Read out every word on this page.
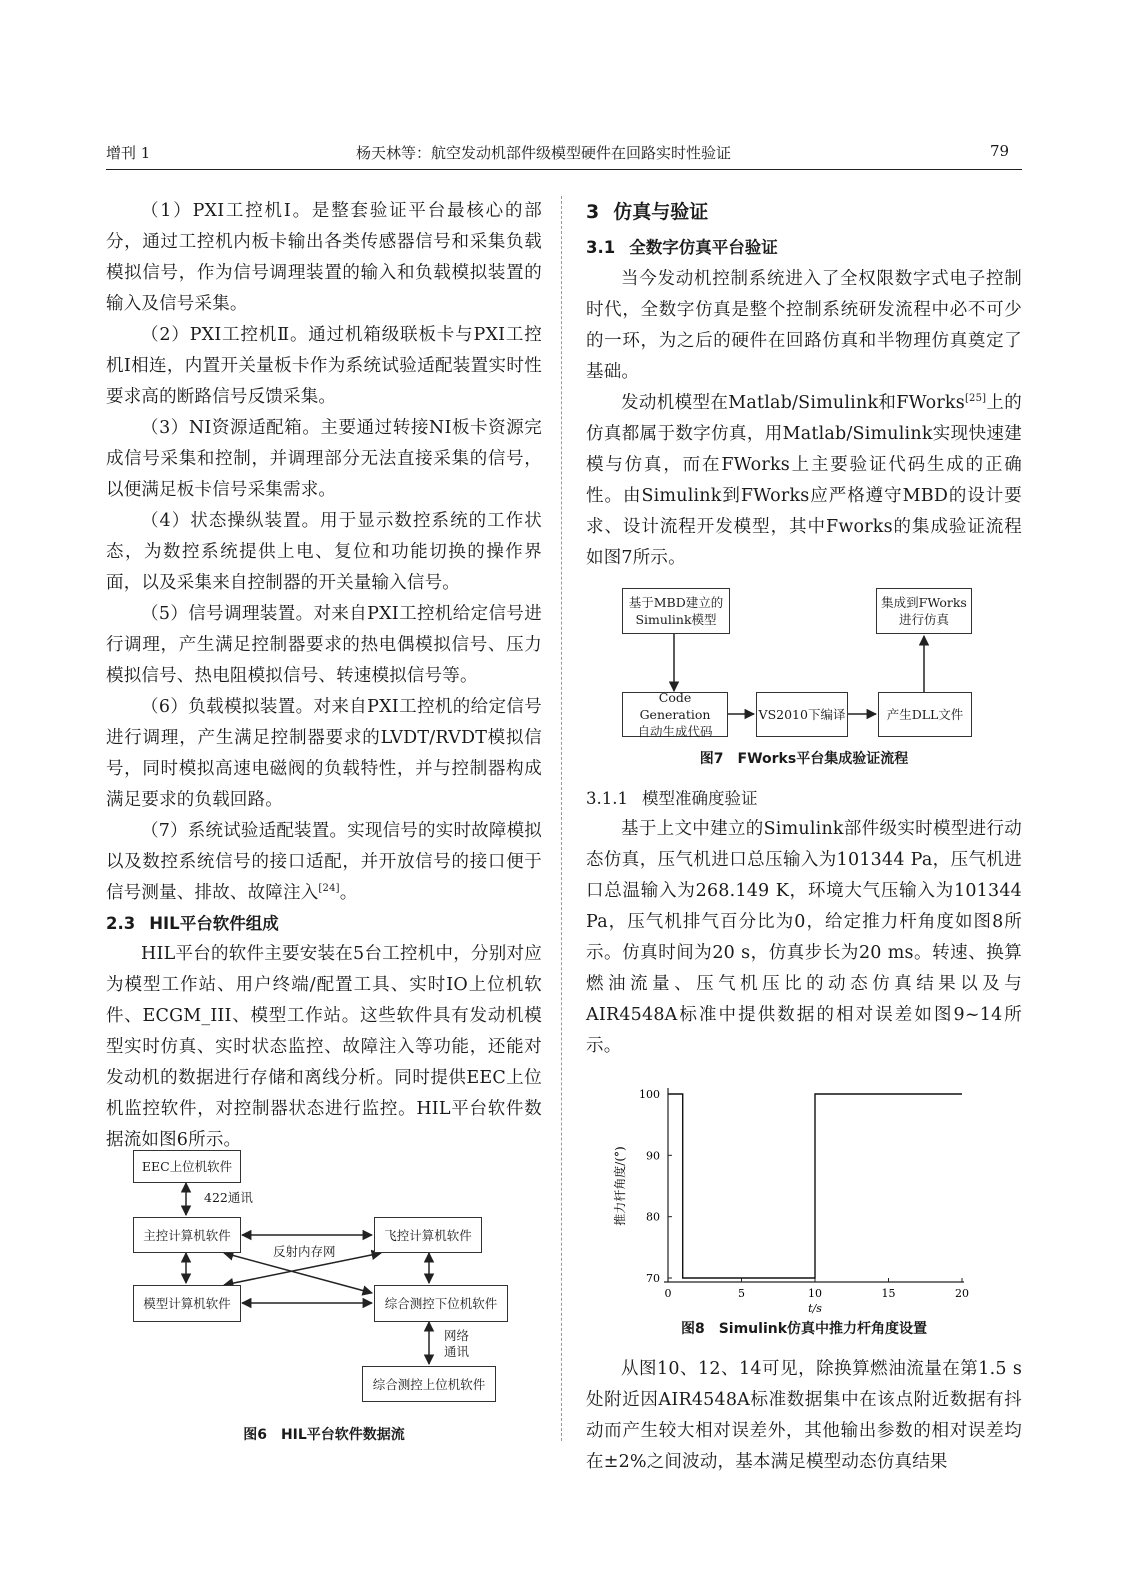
增刊 1	杨天林等：航空发动机部件级模型硬件在回路实时性验证	79

（1）PXI工控机Ⅰ。是整套验证平台最核心的部分，通过工控机内板卡输出各类传感器信号和采集负载模拟信号，作为信号调理装置的输入和负载模拟装置的输入及信号采集。

（2）PXI工控机Ⅱ。通过机箱级联板卡与PXI工控机Ⅰ相连，内置开关量板卡作为系统试验适配装置实时性要求高的断路信号反馈采集。

（3）NI资源适配箱。主要通过转接NI板卡资源完成信号采集和控制，并调理部分无法直接采集的信号，以便满足板卡信号采集需求。

（4）状态操纵装置。用于显示数控系统的工作状态，为数控系统提供上电、复位和功能切换的操作界面，以及采集来自控制器的开关量输入信号。

（5）信号调理装置。对来自PXI工控机给定信号进行调理，产生满足控制器要求的热电偶模拟信号、压力模拟信号、热电阻模拟信号、转速模拟信号等。

（6）负载模拟装置。对来自PXI工控机的给定信号进行调理，产生满足控制器要求的LVDT/RVDT模拟信号，同时模拟高速电磁阀的负载特性，并与控制器构成满足要求的负载回路。

（7）系统试验适配装置。实现信号的实时故障模拟以及数控系统信号的接口适配，并开放信号的接口便于信号测量、排故、故障注入[24]。

2.3 HIL平台软件组成

HIL平台的软件主要安装在5台工控机中，分别对应为模型工作站、用户终端/配置工具、实时IO上位机软件、ECGM_III、模型工作站。这些软件具有发动机模型实时仿真、实时状态监控、故障注入等功能，还能对发动机的数据进行存储和离线分析。同时提供EEC上位机监控软件，对控制器状态进行监控。HIL平台软件数据流如图6所示。

EEC上位机软件
422通讯
主控计算机软件	飞控计算机软件
反射内存网
模型计算机软件	综合测控下位机软件
网络
通讯
综合测控上位机软件
图6　HIL平台软件数据流

3 仿真与验证

3.1 全数字仿真平台验证

当今发动机控制系统进入了全权限数字式电子控制时代，全数字仿真是整个控制系统研发流程中必不可少的一环，为之后的硬件在回路仿真和半物理仿真奠定了基础。

发动机模型在Matlab/Simulink和FWorks[25]上的仿真都属于数字仿真，用Matlab/Simulink实现快速建模与仿真，而在FWorks上主要验证代码生成的正确性。由Simulink到FWorks应严格遵守MBD的设计要求、设计流程开发模型，其中Fworks的集成验证流程如图7所示。

基于MBD建立的
Simulink模型
集成到FWorks
进行仿真
Code Generation
自动生成代码
VS2010下编译	产生DLL文件
图7　FWorks平台集成验证流程

3.1.1 模型准确度验证

基于上文中建立的Simulink部件级实时模型进行动态仿真，压气机进口总压输入为101344 Pa，压气机进口总温输入为268.149 K，环境大气压输入为101344 Pa，压气机排气百分比为0，给定推力杆角度如图8所示。仿真时间为20 s，仿真步长为20 ms。转速、换算燃油流量、压气机压比的动态仿真结果以及与AIR4548A标准中提供数据的相对误差如图9~14所示。

t/s
推力杆角度/(°)
0	5	10	15	20
70
80
90
100
图8　Simulink仿真中推力杆角度设置

从图10、12、14可见，除换算燃油流量在第1.5 s处附近因AIR4548A标准数据集中在该点附近数据有抖动而产生较大相对误差外，其他输出参数的相对误差均在±2%之间波动，基本满足模型动态仿真结果
